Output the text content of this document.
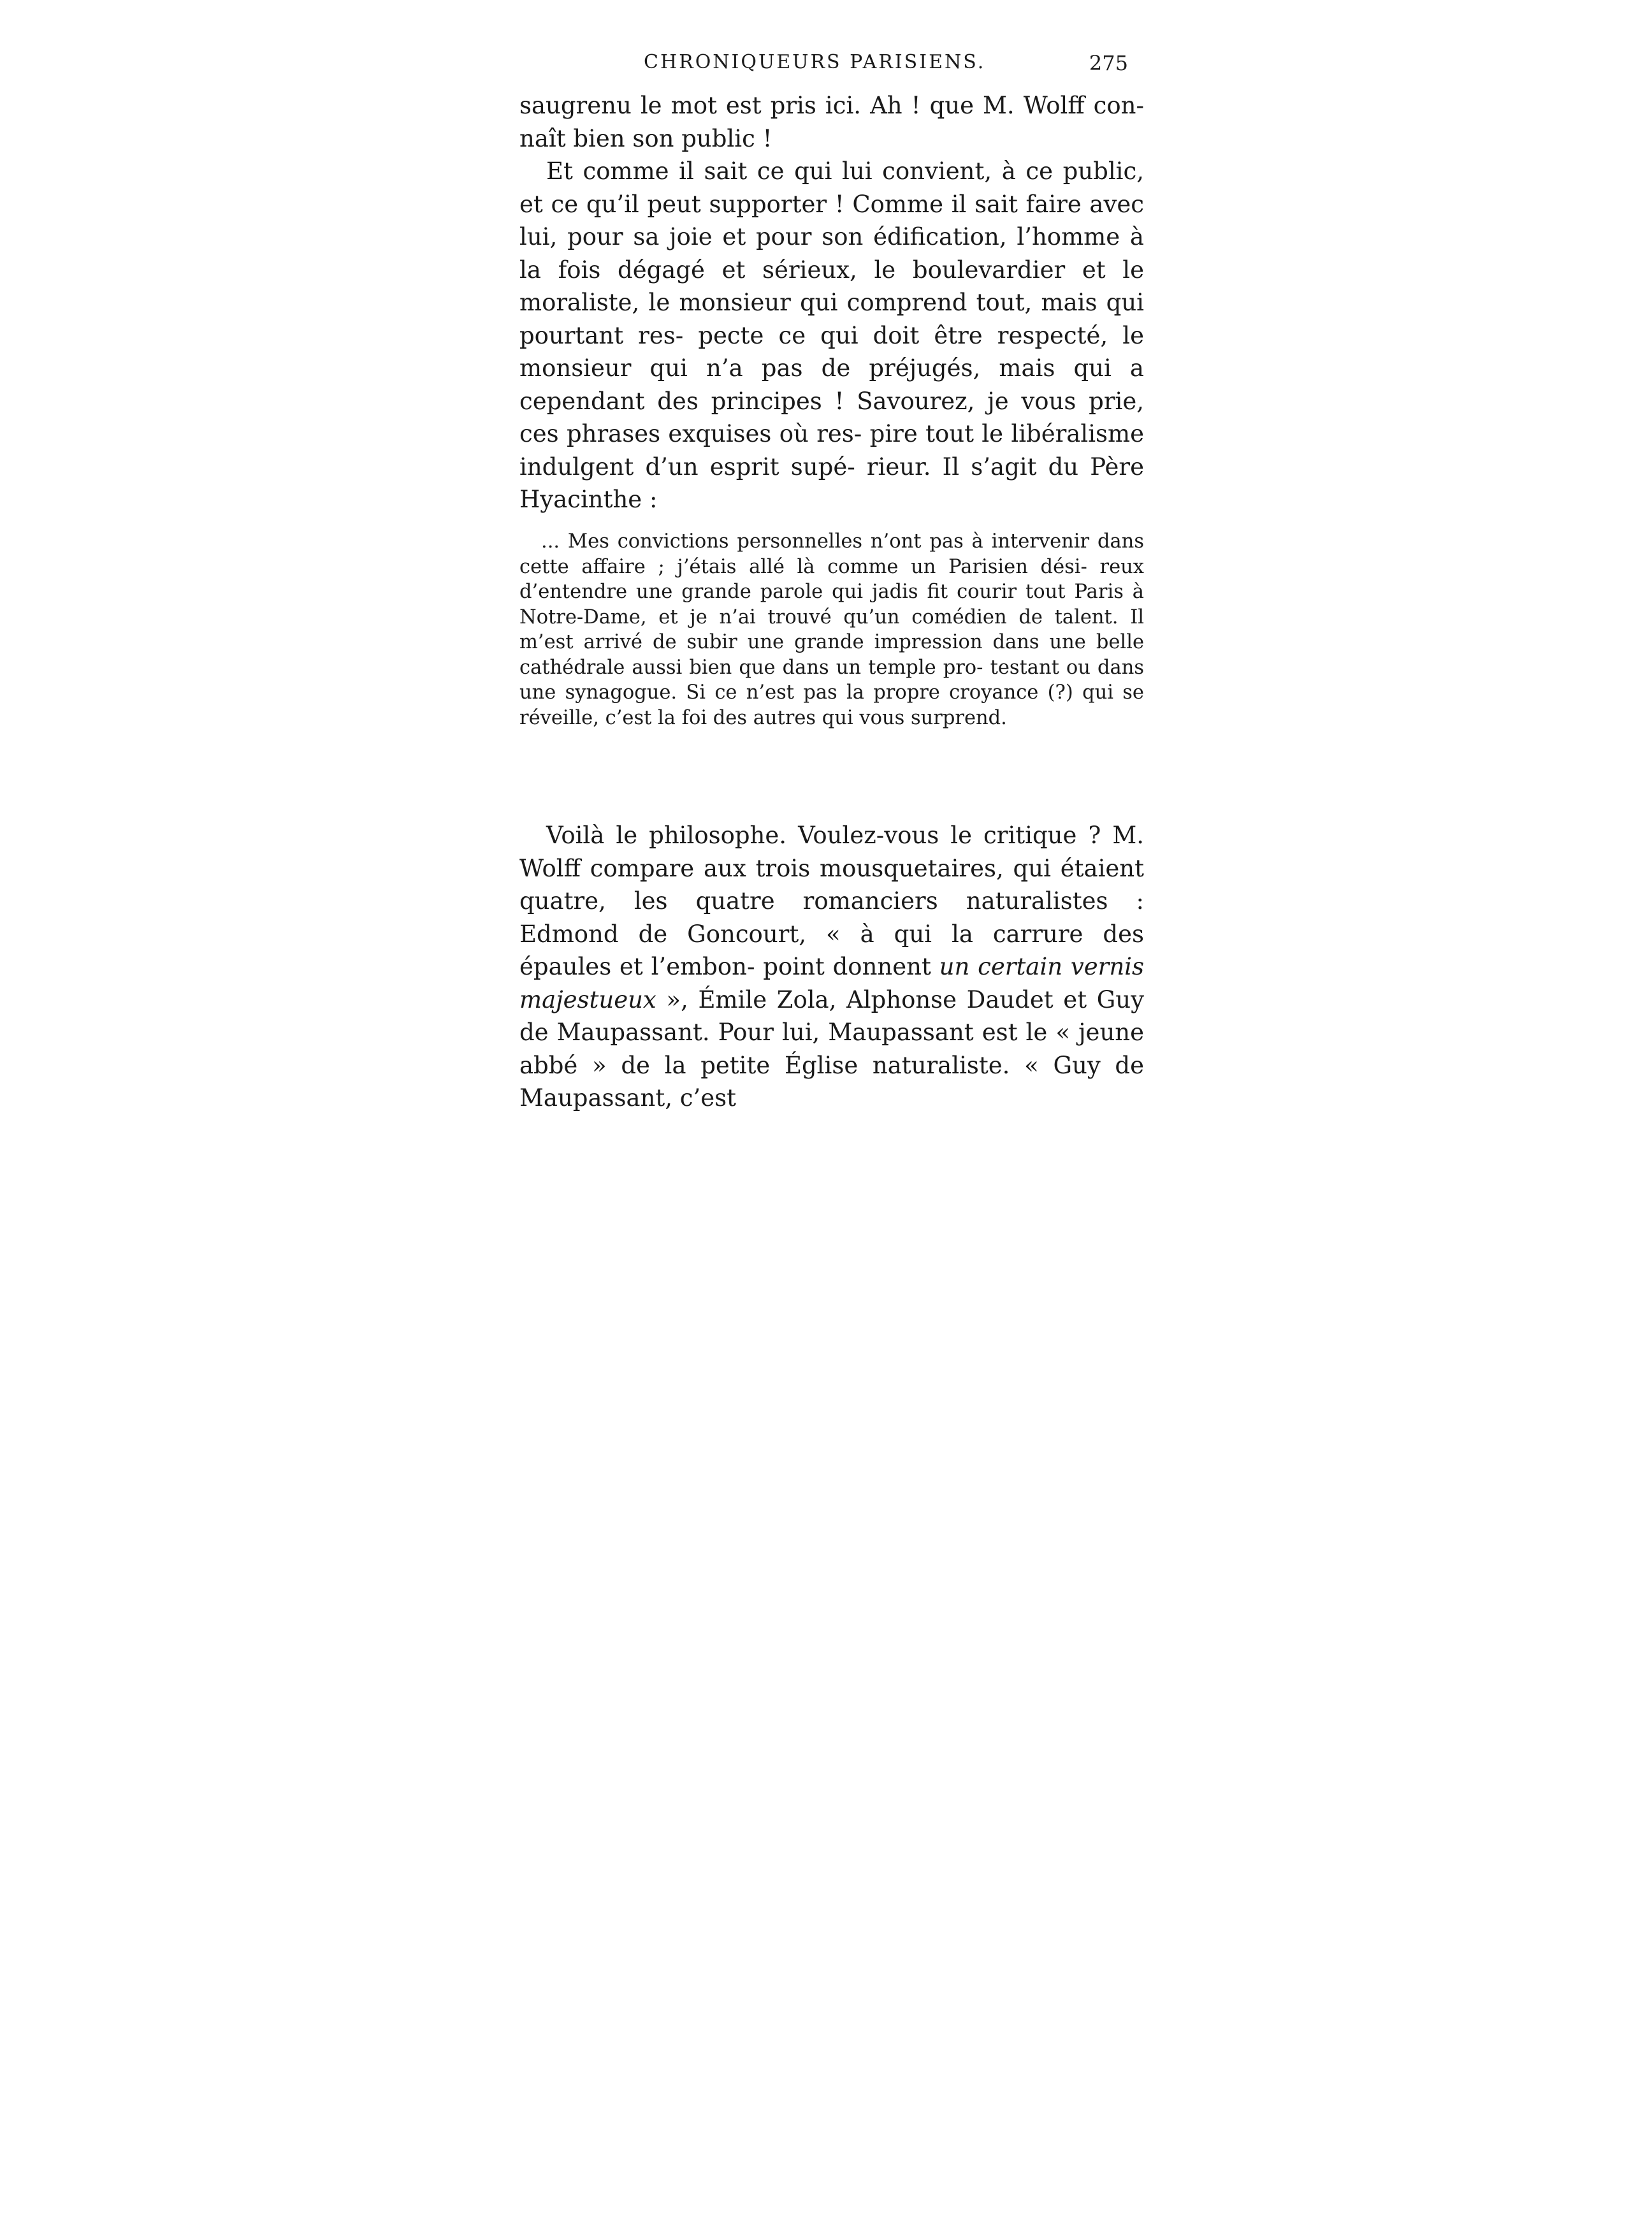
CHRONIQUEURS PARISIENS.	275

saugrenu le mot est pris ici. Ah ! que M. Wolff con- naît bien son public !

Et comme il sait ce qui lui convient, à ce public, et ce qu’il peut supporter ! Comme il sait faire avec lui, pour sa joie et pour son édification, l’homme à la fois dégagé et sérieux, le boulevardier et le moraliste, le monsieur qui comprend tout, mais qui pourtant res- pecte ce qui doit être respecté, le monsieur qui n’a pas de préjugés, mais qui a cependant des principes ! Savourez, je vous prie, ces phrases exquises où res- pire tout le libéralisme indulgent d’un esprit supé- rieur. Il s’agit du Père Hyacinthe :

... Mes convictions personnelles n’ont pas à intervenir dans cette affaire ; j’étais allé là comme un Parisien dési- reux d’entendre une grande parole qui jadis fit courir tout Paris à Notre-Dame, et je n’ai trouvé qu’un comédien de talent. Il m’est arrivé de subir une grande impression dans une belle cathédrale aussi bien que dans un temple pro- testant ou dans une synagogue. Si ce n’est pas la propre croyance (?) qui se réveille, c’est la foi des autres qui vous surprend.

Voilà le philosophe. Voulez-vous le critique ? M. Wolff compare aux trois mousquetaires, qui étaient quatre, les quatre romanciers naturalistes : Edmond de Goncourt, « à qui la carrure des épaules et l’embon- point donnent un certain vernis majestueux », Émile Zola, Alphonse Daudet et Guy de Maupassant. Pour lui, Maupassant est le « jeune abbé » de la petite Église naturaliste. « Guy de Maupassant, c’est
